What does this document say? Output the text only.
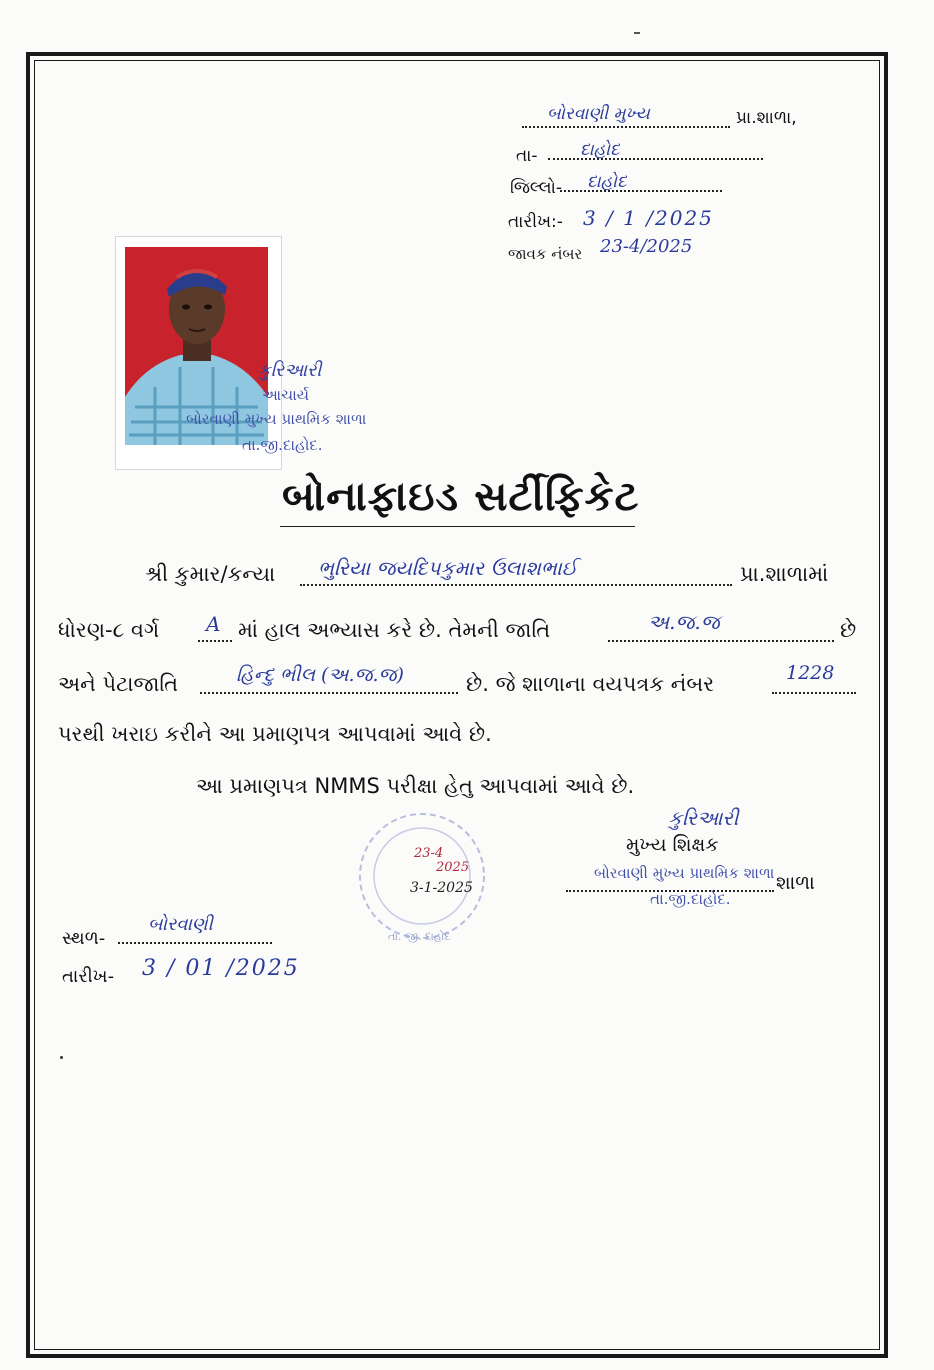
બોરવાણી મુખ્ય	પ્રા.શાળા,
તા- દાહોદ
જિલ્લો- દાહોદ
તારીખ:- 3 / 1 /2025
જાવક નંબર 23-4/2025
કુરિઆરી
આચાર્ય
બોરવાણી મુખ્ય પ્રાથમિક શાળા
તા.જી.દાહોદ.
બોનાફાઇડ સર્ટીફિકેટ
શ્રી કુમાર/કન્યા ભુરિયા જયદિપકુમાર ઉલાશભાઈ	પ્રા.શાળામાં
ધોરણ-૮ વર્ગ A માં હાલ અભ્યાસ કરે છે. તેમની જાતિ	અ.જ.જ	છે
અને પેટાજાતિ	હિન્દુ ભીલ (અ.જ.જ)	છે. જે શાળાના વયપત્રક નંબર	1228
પરથી ખરાઇ કરીને આ પ્રમાણપત્ર આપવામાં આવે છે.
આ પ્રમાણપત્ર NMMS પરીક્ષા હેતુ આપવામાં આવે છે.
23-4
2025
3-1-2025
તા. જી. દાહોદ
કુરિઆરી
મુખ્ય શિક્ષક
બોરવાણી મુખ્ય પ્રાથમિક શાળા શાળા
તા.જી.દાહોદ.
સ્થળ-
બોરવાણી
તારીખ- 3 / 01 /2025
